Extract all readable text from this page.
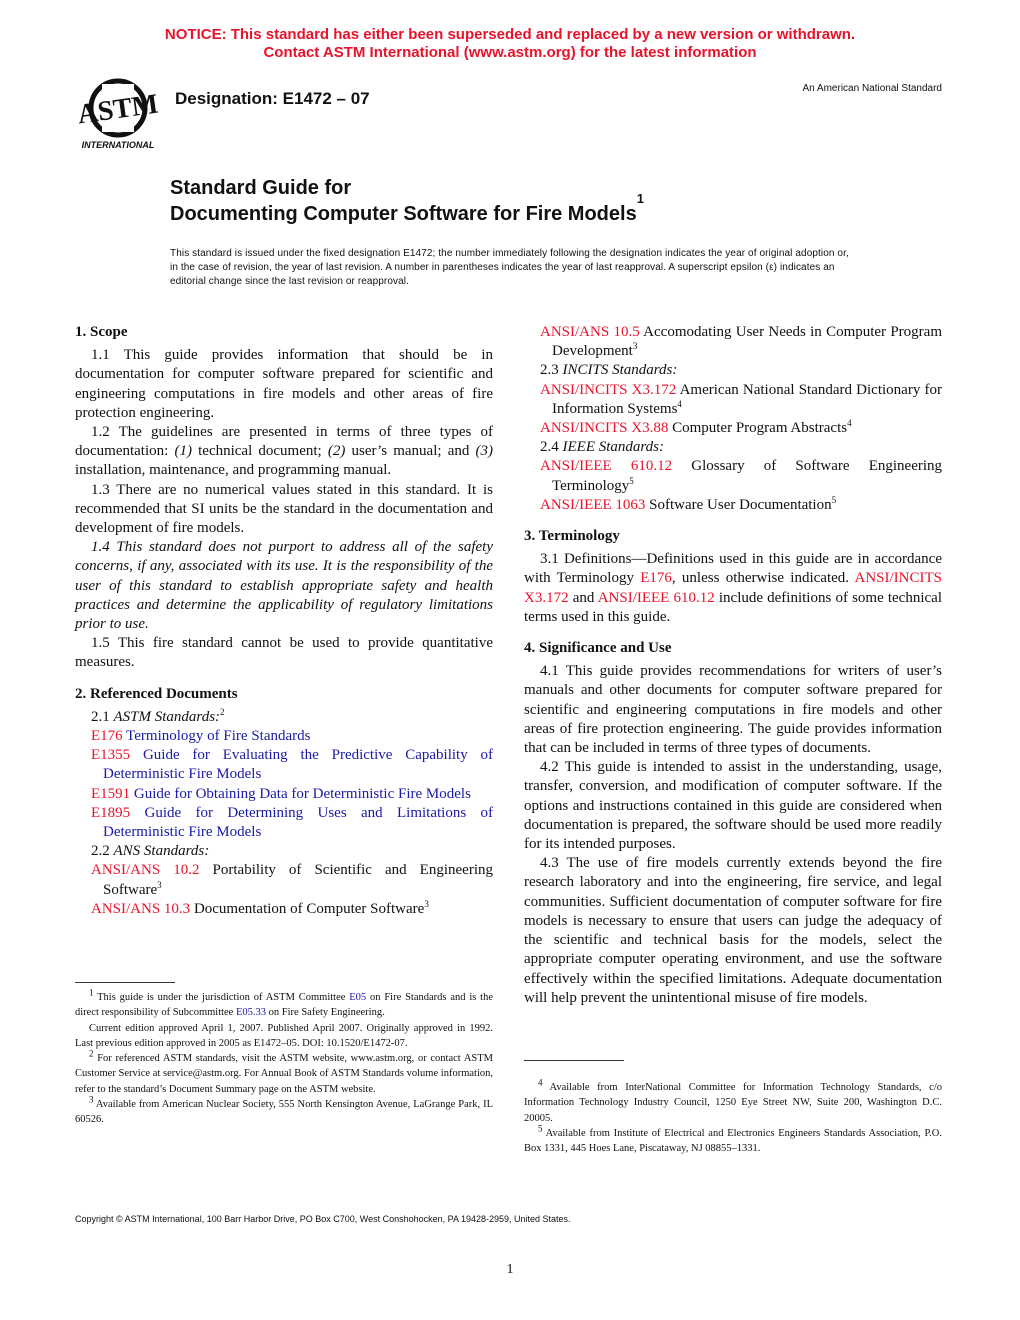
NOTICE: This standard has either been superseded and replaced by a new version or withdrawn.
Contact ASTM International (www.astm.org) for the latest information
ASTM
INTERNATIONAL
Designation: E1472 – 07
An American National Standard
Standard Guide for
Documenting Computer Software for Fire Models$^1$
This standard is issued under the fixed designation E1472; the number immediately following the designation indicates the year of original adoption or, in the case of revision, the year of last revision. A number in parentheses indicates the year of last reapproval. A superscript epsilon (ε) indicates an editorial change since the last revision or reapproval.
1. Scope

1.1 This guide provides information that should be in documentation for computer software prepared for scientific and engineering computations in fire models and other areas of fire protection engineering.

1.2 The guidelines are presented in terms of three types of documentation: (1) technical document; (2) user’s manual; and (3) installation, maintenance, and programming manual.

1.3 There are no numerical values stated in this standard. It is recommended that SI units be the standard in the documentation and development of fire models.

1.4 This standard does not purport to address all of the safety concerns, if any, associated with its use. It is the responsibility of the user of this standard to establish appropriate safety and health practices and determine the applicability of regulatory limitations prior to use.

1.5 This fire standard cannot be used to provide quantitative measures.

2. Referenced Documents
2.1 ASTM Standards:$^2$
E176 Terminology of Fire Standards
E1355 Guide for Evaluating the Predictive Capability of Deterministic Fire Models
E1591 Guide for Obtaining Data for Deterministic Fire Models
E1895 Guide for Determining Uses and Limitations of Deterministic Fire Models
2.2 ANS Standards:
ANSI/ANS 10.2 Portability of Scientific and Engineering Software$^3$
ANSI/ANS 10.3 Documentation of Computer Software$^3$
ANSI/ANS 10.5 Accomodating User Needs in Computer Program Development$^3$
2.3 INCITS Standards:
ANSI/INCITS X3.172 American National Standard Dictionary for Information Systems$^4$
ANSI/INCITS X3.88 Computer Program Abstracts$^4$
2.4 IEEE Standards:
ANSI/IEEE 610.12 Glossary of Software Engineering Terminology$^5$
ANSI/IEEE 1063 Software User Documentation$^5$
3. Terminology

3.1 Definitions—Definitions used in this guide are in accordance with Terminology E176, unless otherwise indicated. ANSI/INCITS X3.172 and ANSI/IEEE 610.12 include definitions of some technical terms used in this guide.

4. Significance and Use

4.1 This guide provides recommendations for writers of user’s manuals and other documents for computer software prepared for scientific and engineering computations in fire models and other areas of fire protection engineering. The guide provides information that can be included in terms of three types of documents.

4.2 This guide is intended to assist in the understanding, usage, transfer, conversion, and modification of computer software. If the options and instructions contained in this guide are considered when documentation is prepared, the software should be used more readily for its intended purposes.

4.3 The use of fire models currently extends beyond the fire research laboratory and into the engineering, fire service, and legal communities. Sufficient documentation of computer software for fire models is necessary to ensure that users can judge the adequacy of the scientific and technical basis for the models, select the appropriate computer operating environment, and use the software effectively within the specified limitations. Adequate documentation will help prevent the unintentional misuse of fire models.

$^1$ This guide is under the jurisdiction of ASTM Committee E05 on Fire Standards and is the direct responsibility of Subcommittee E05.33 on Fire Safety Engineering.

Current edition approved April 1, 2007. Published April 2007. Originally approved in 1992. Last previous edition approved in 2005 as E1472–05. DOI: 10.1520/E1472-07.

$^2$ For referenced ASTM standards, visit the ASTM website, www.astm.org, or contact ASTM Customer Service at service@astm.org. For Annual Book of ASTM Standards volume information, refer to the standard’s Document Summary page on the ASTM website.

$^3$ Available from American Nuclear Society, 555 North Kensington Avenue, LaGrange Park, IL 60526.

$^4$ Available from InterNational Committee for Information Technology Standards, c/o Information Technology Industry Council, 1250 Eye Street NW, Suite 200, Washington D.C. 20005.

$^5$ Available from Institute of Electrical and Electronics Engineers Standards Association, P.O. Box 1331, 445 Hoes Lane, Piscataway, NJ 08855–1331.

Copyright © ASTM International, 100 Barr Harbor Drive, PO Box C700, West Conshohocken, PA 19428-2959, United States.
1
